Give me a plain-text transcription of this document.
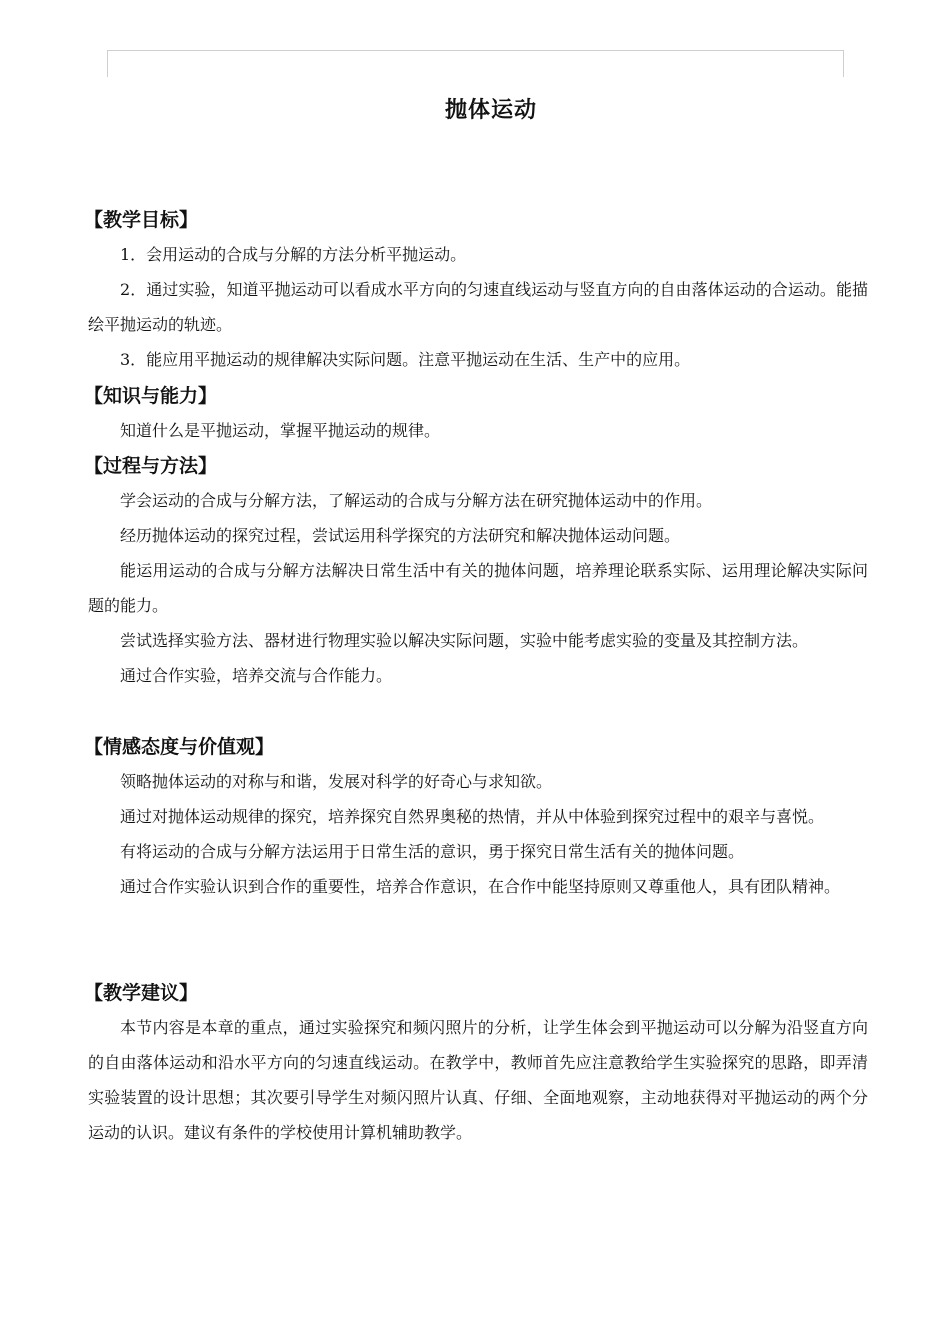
抛体运动

【教学目标】

1．会用运动的合成与分解的方法分析平抛运动。

2．通过实验，知道平抛运动可以看成水平方向的匀速直线运动与竖直方向的自由落体运动的合运动。能描绘平抛运动的轨迹。

3．能应用平抛运动的规律解决实际问题。注意平抛运动在生活、生产中的应用。

【知识与能力】

知道什么是平抛运动，掌握平抛运动的规律。

【过程与方法】

学会运动的合成与分解方法，了解运动的合成与分解方法在研究抛体运动中的作用。

经历抛体运动的探究过程，尝试运用科学探究的方法研究和解决抛体运动问题。

能运用运动的合成与分解方法解决日常生活中有关的抛体问题，培养理论联系实际、运用理论解决实际问题的能力。

尝试选择实验方法、器材进行物理实验以解决实际问题，实验中能考虑实验的变量及其控制方法。

通过合作实验，培养交流与合作能力。

【情感态度与价值观】

领略抛体运动的对称与和谐，发展对科学的好奇心与求知欲。

通过对抛体运动规律的探究，培养探究自然界奥秘的热情，并从中体验到探究过程中的艰辛与喜悦。

有将运动的合成与分解方法运用于日常生活的意识，勇于探究日常生活有关的抛体问题。

通过合作实验认识到合作的重要性，培养合作意识，在合作中能坚持原则又尊重他人，具有团队精神。

【教学建议】

本节内容是本章的重点，通过实验探究和频闪照片的分析，让学生体会到平抛运动可以分解为沿竖直方向的自由落体运动和沿水平方向的匀速直线运动。在教学中，教师首先应注意教给学生实验探究的思路，即弄清实验装置的设计思想；其次要引导学生对频闪照片认真、仔细、全面地观察，主动地获得对平抛运动的两个分运动的认识。建议有条件的学校使用计算机辅助教学。
